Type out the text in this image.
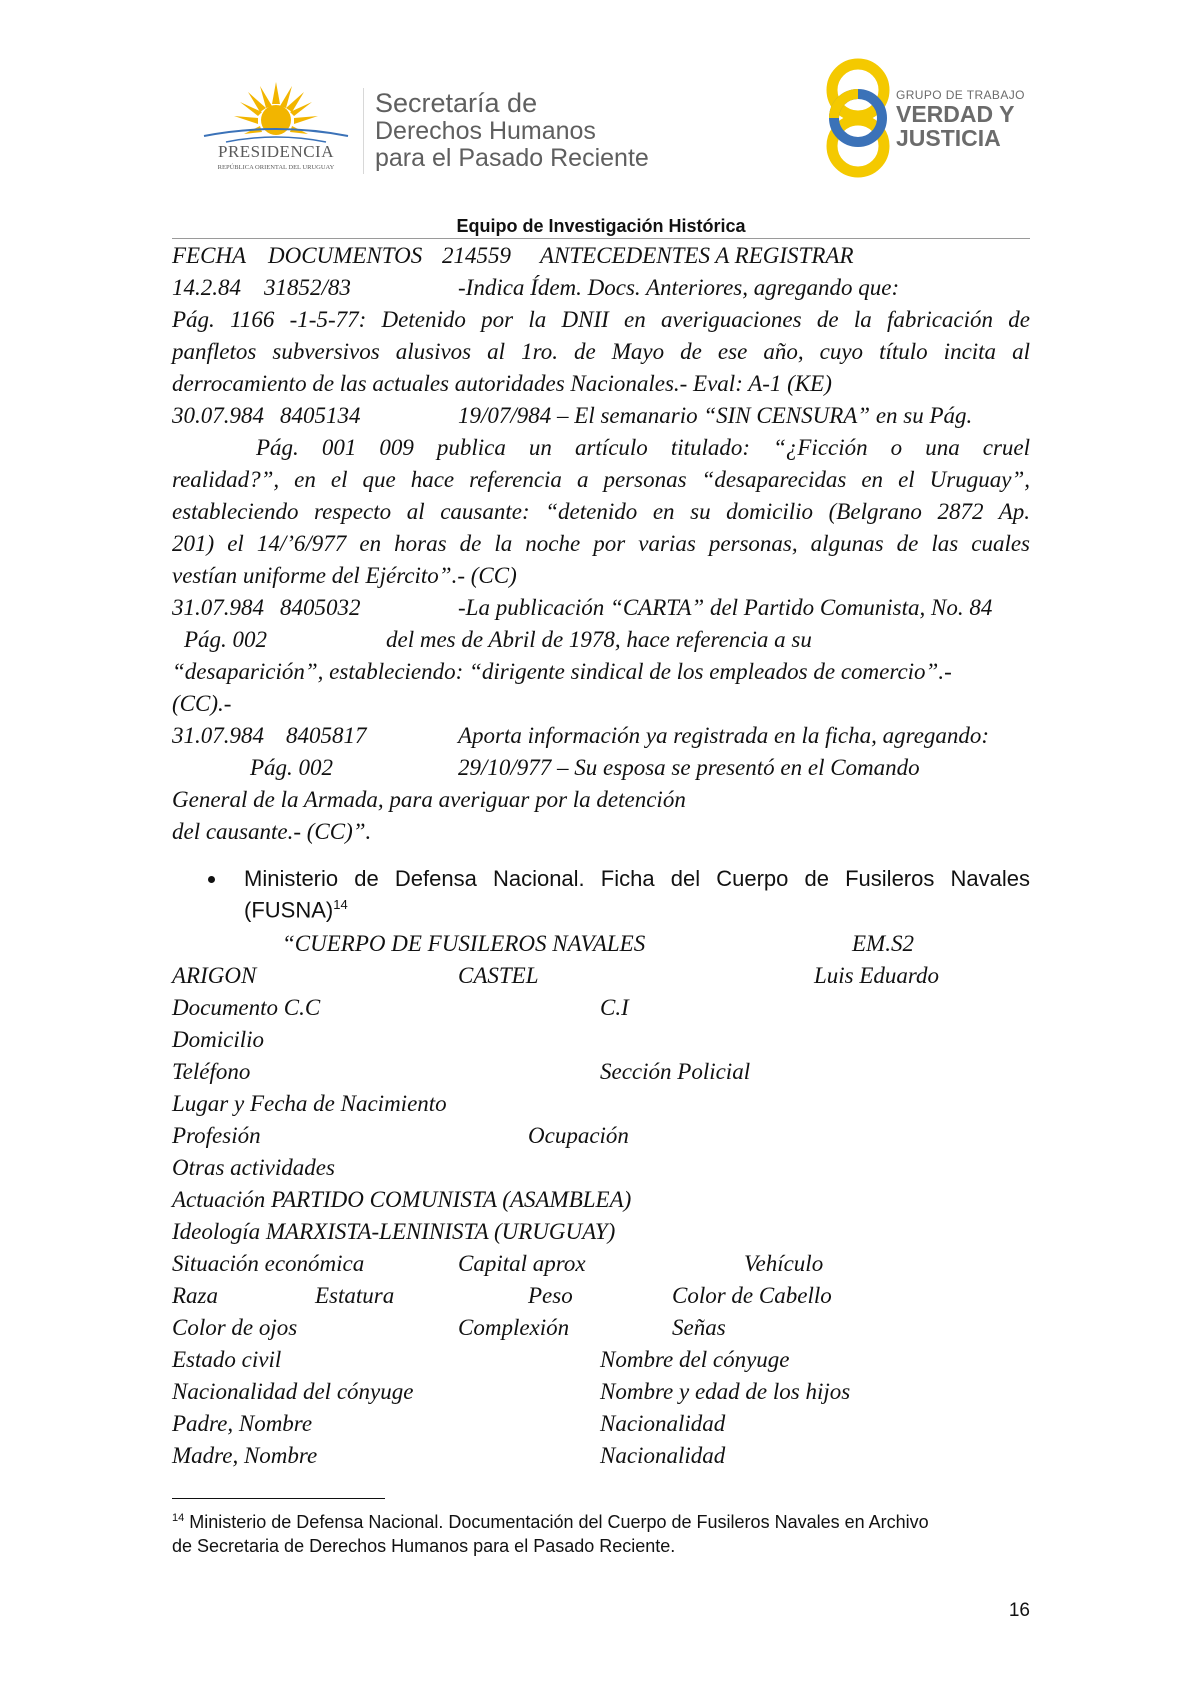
PRESIDENCIA
REPÚBLICA ORIENTAL DEL URUGUAY
Secretaría de
Derechos Humanos
para el Pasado Reciente
GRUPO DE TRABAJO
VERDAD Y
JUSTICIA
Equipo de Investigación Histórica
FECHA DOCUMENTOS 214559 ANTECEDENTES A REGISTRAR
14.2.84 31852/83	-Indica Ídem. Docs. Anteriores, agregando que:
Pág. 1166 -1-5-77: Detenido por la DNII en averiguaciones de la fabricación de
panfletos subversivos alusivos al 1ro. de Mayo de ese año, cuyo título incita al
derrocamiento de las actuales autoridades Nacionales.- Eval: A-1 (KE)
30.07.984 8405134	19/07/984 – El semanario “SIN CENSURA” en su Pág.
Pág. 001 009 publica un artículo titulado: “¿Ficción o una cruel
realidad?”, en el que hace referencia a personas “desaparecidas en el Uruguay”,
estableciendo respecto al causante: “detenido en su domicilio (Belgrano 2872 Ap.
201) el 14/’6/977 en horas de la noche por varias personas, algunas de las cuales
vestían uniforme del Ejército”.- (CC)
31.07.984 8405032	-La publicación “CARTA” del Partido Comunista, No. 84
Pág. 002	del mes de Abril de 1978, hace referencia a su
“desaparición”, estableciendo: “dirigente sindical de los empleados de comercio”.-
(CC).-
31.07.984 8405817	Aporta información ya registrada en la ficha, agregando:
Pág. 002	29/10/977 – Su esposa se presentó en el Comando
General de la Armada, para averiguar por la detención
del causante.- (CC)”.
Ministerio de Defensa Nacional. Ficha del Cuerpo de Fusileros Navales
(FUSNA)$^{14}$
“CUERPO DE FUSILEROS NAVALES	EM.S2
ARIGON	CASTEL	Luis Eduardo
Documento C.C	C.I
Domicilio
Teléfono	Sección Policial
Lugar y Fecha de Nacimiento
Profesión	Ocupación
Otras actividades
Actuación PARTIDO COMUNISTA (ASAMBLEA)
Ideología MARXISTA-LENINISTA (URUGUAY)
Situación económica	Capital aprox	Vehículo
Raza	Estatura	Peso	Color de Cabello
Color de ojos	Complexión	Señas
Estado civil	Nombre del cónyuge
Nacionalidad del cónyuge	Nombre y edad de los hijos
Padre, Nombre	Nacionalidad
Madre, Nombre	Nacionalidad
$^{14}$ Ministerio de Defensa Nacional. Documentación del Cuerpo de Fusileros Navales en Archivo
de Secretaria de Derechos Humanos para el Pasado Reciente.
16
